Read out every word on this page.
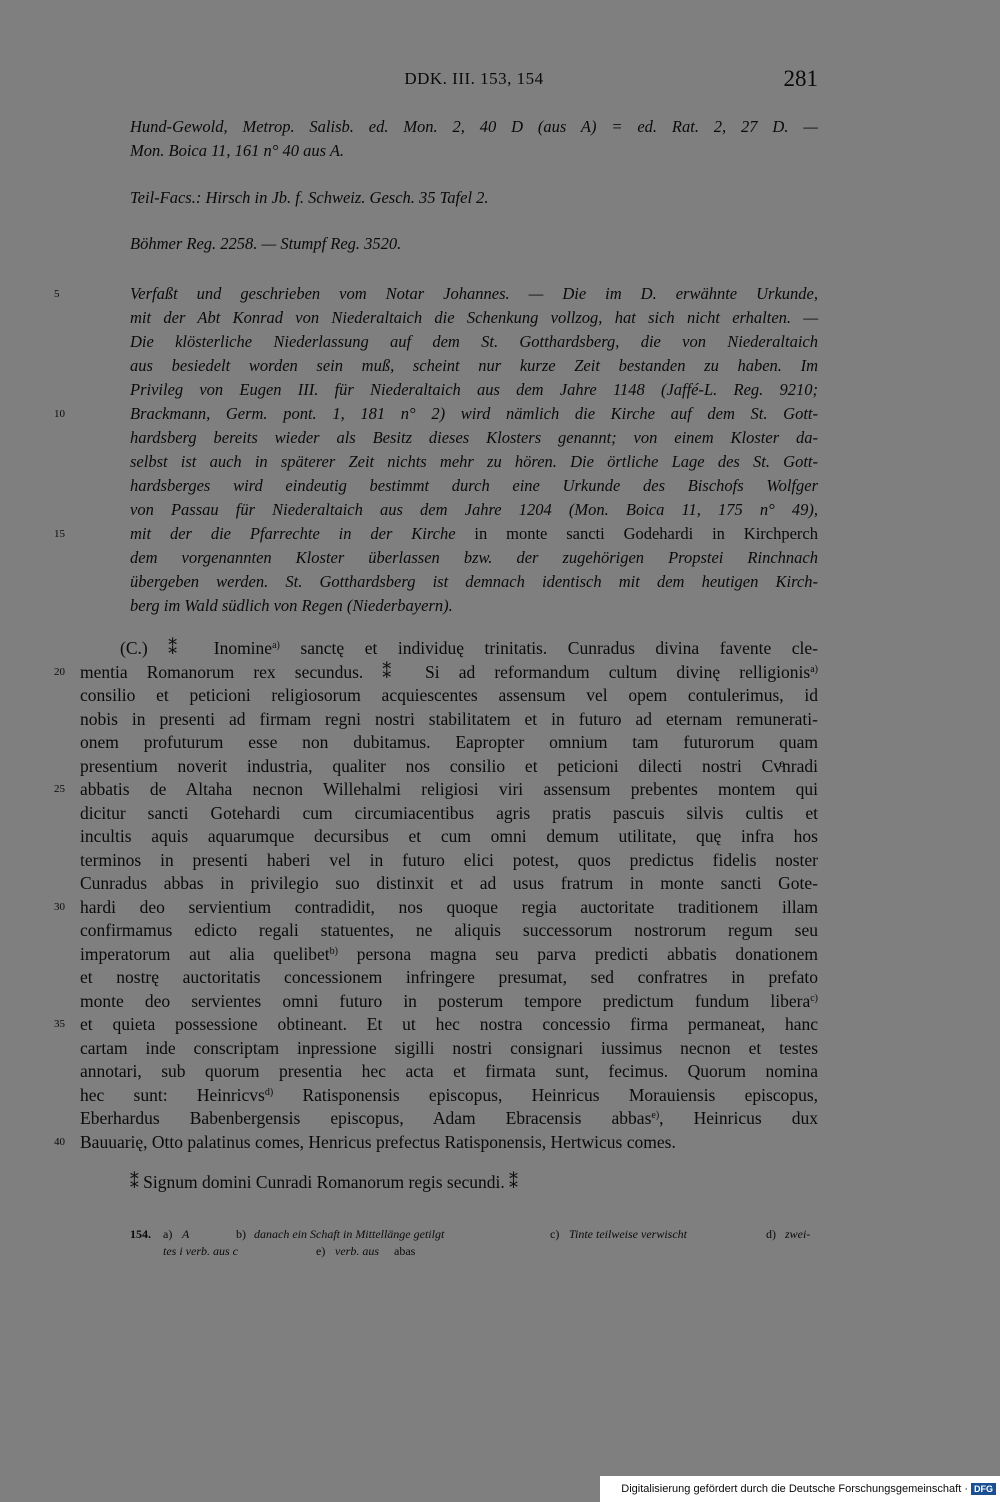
DDK. III. 153, 154	281
Hund-Gewold, Metrop. Salisb. ed. Mon. 2, 40 D (aus A) = ed. Rat. 2, 27 D. —
Mon. Boica 11, 161 n° 40 aus A.
Teil-Facs.: Hirsch in Jb. f. Schweiz. Gesch. 35 Tafel 2.
Böhmer Reg. 2258. — Stumpf Reg. 3520.
5	Verfaßt und geschrieben vom Notar Johannes. — Die im D. erwähnte Urkunde,
mit der Abt Konrad von Niederaltaich die Schenkung vollzog, hat sich nicht erhalten. —
Die klösterliche Niederlassung auf dem St. Gotthardsberg, die von Niederaltaich
aus besiedelt worden sein muß, scheint nur kurze Zeit bestanden zu haben. Im
Privileg von Eugen III. für Niederaltaich aus dem Jahre 1148 (Jaffé-L. Reg. 9210;
10	Brackmann, Germ. pont. 1, 181 n° 2) wird nämlich die Kirche auf dem St. Gott-
hardsberg bereits wieder als Besitz dieses Klosters genannt; von einem Kloster da-
selbst ist auch in späterer Zeit nichts mehr zu hören. Die örtliche Lage des St. Gott-
hardsberges wird eindeutig bestimmt durch eine Urkunde des Bischofs Wolfger
von Passau für Niederaltaich aus dem Jahre 1204 (Mon. Boica 11, 175 n° 49),
15	mit der die Pfarrechte in der Kirche in monte sancti Godehardi in Kirchperch
dem vorgenannten Kloster überlassen bzw. der zugehörigen Propstei Rinchnach
übergeben werden. St. Gotthardsberg ist demnach identisch mit dem heutigen Kirch-
berg im Wald südlich von Regen (Niederbayern).
(C.) ⁑ Inomine$^{a)}$ sanctę et individuę trinitatis. Cunradus divina favente cle-
20 mentia Romanorum rex secundus. ⁑ Si ad reformandum cultum divinę relligionis$^{a)}$
consilio et peticioni religiosorum acquiescentes assensum vel opem contulerimus, id
nobis in presenti ad firmam regni nostri stabilitatem et in futuro ad eternam remunerati-
onem profuturum esse non dubitamus. Eapropter omnium tam futurorum quam
presentium noverit industria, qualiter nos consilio et peticioni dilecti nostri Cvͦnradi
25 abbatis de Altaha necnon Willehalmi religiosi viri assensum prebentes montem qui
dicitur sancti Gotehardi cum circumiacentibus agris pratis pascuis silvis cultis et
incultis aquis aquarumque decursibus et cum omni demum utilitate, quę infra hos
terminos in presenti haberi vel in futuro elici potest, quos predictus fidelis noster
Cunradus abbas in privilegio suo distinxit et ad usus fratrum in monte sancti Gote-
30 hardi deo servientium contradidit, nos quoque regia auctoritate traditionem illam
confirmamus edicto regali statuentes, ne aliquis successorum nostrorum regum seu
imperatorum aut alia quelibet$^{b)}$ persona magna seu parva predicti abbatis donationem
et nostrę auctoritatis concessionem infringere presumat, sed confratres in prefato
monte deo servientes omni futuro in posterum tempore predictum fundum libera$^{c)}$
35 et quieta possessione obtineant. Et ut hec nostra concessio firma permaneat, hanc
cartam inde conscriptam inpressione sigilli nostri consignari iussimus necnon et testes
annotari, sub quorum presentia hec acta et firmata sunt, fecimus. Quorum nomina
hec sunt: Heinricvs$^{d)}$ Ratisponensis episcopus, Heinricus Morauiensis episcopus,
Eberhardus Babenbergensis episcopus, Adam Ebracensis abbas$^{e)}$, Heinricus dux
40 Bauuarię, Otto palatinus comes, Henricus prefectus Ratisponensis, Hertwicus comes.
⁑ Signum domini Cunradi Romanorum regis secundi. ⁑
154. a) A	b) danach ein Schaft in Mittellänge getilgt	c) Tinte teilweise verwischt	d) zwei-
tes i verb. aus c	e) verb. aus abas
Digitalisierung gefördert durch die Deutsche Forschungsgemeinschaft · DFG
